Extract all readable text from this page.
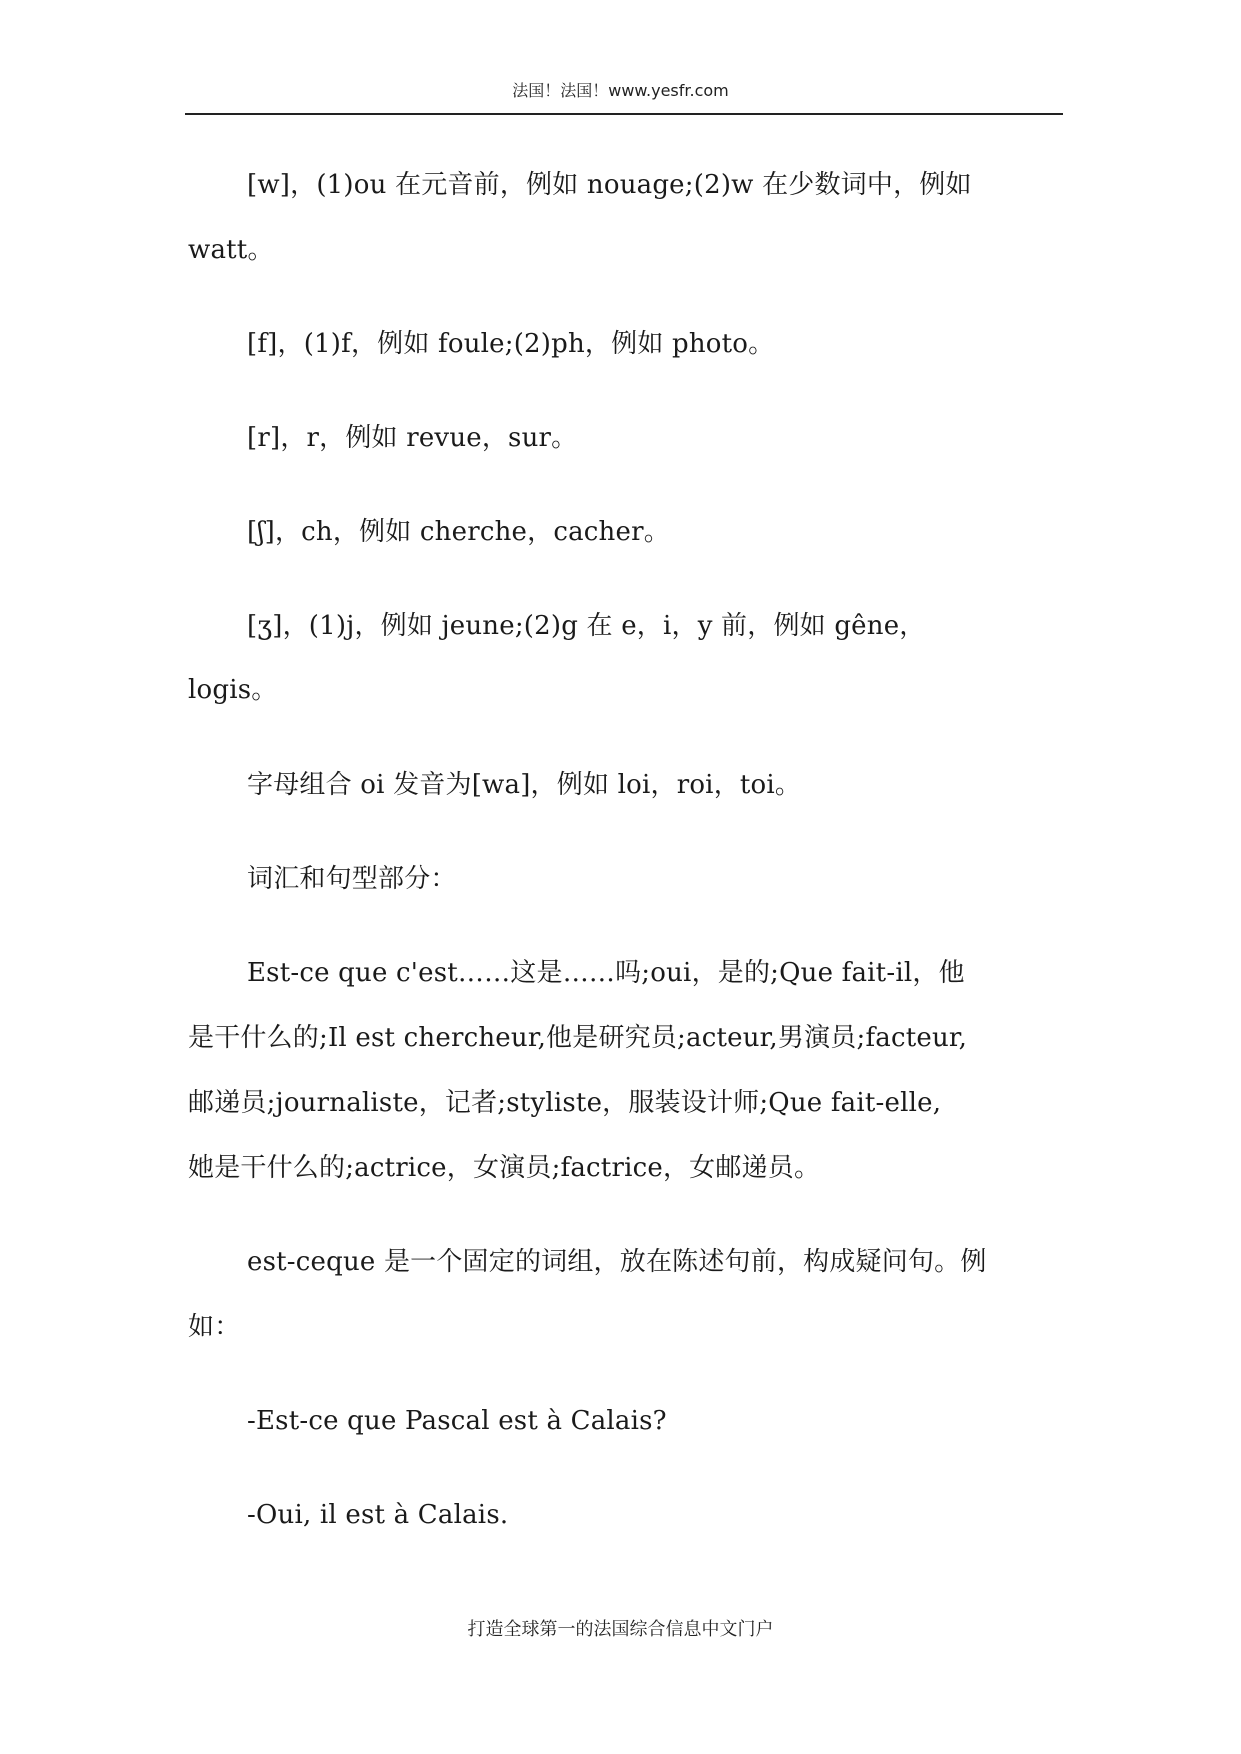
法国！法国！www.yesfr.com
[w]，(1)ou 在元音前，例如 nouage;(2)w 在少数词中，例如
watt。
[f]，(1)f，例如 foule;(2)ph，例如 photo。
[r]，r，例如 revue，sur。
[ʃ]，ch，例如 cherche，cacher。
[ʒ]，(1)j，例如 jeune;(2)g 在 e，i，y 前，例如 gêne，
logis。
字母组合 oi 发音为[wa]，例如 loi，roi，toi。
词汇和句型部分：
Est-ce que c'est……这是……吗;oui，是的;Que fait-il，他
是干什么的;Il est chercheur,他是研究员;acteur,男演员;facteur,
邮递员;journaliste，记者;styliste，服装设计师;Que fait-elle,
她是干什么的;actrice，女演员;factrice，女邮递员。
est-ceque 是一个固定的词组，放在陈述句前，构成疑问句。例
如：
-Est-ce que Pascal est à Calais?
-Oui, il est à Calais.
打造全球第一的法国综合信息中文门户
